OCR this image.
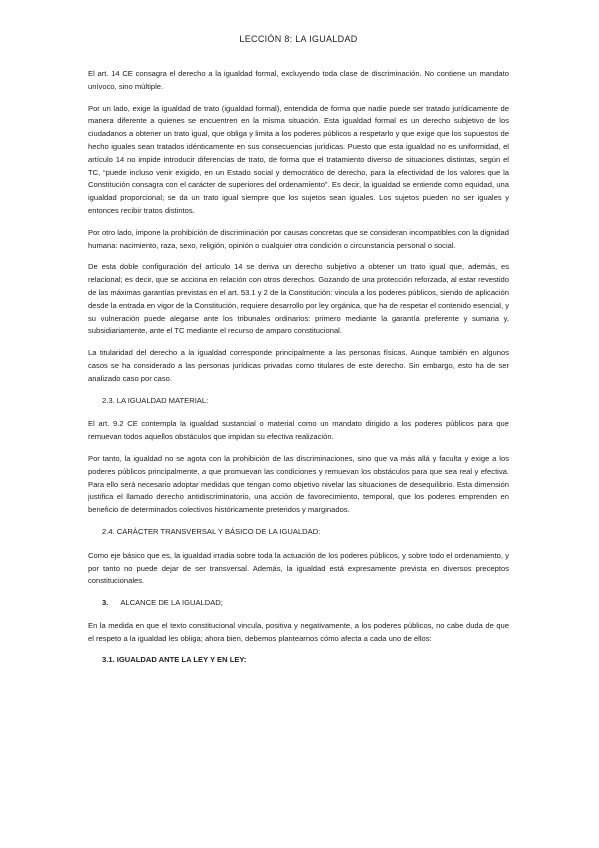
LECCIÓN 8: LA IGUALDAD

El art. 14 CE consagra el derecho a la igualdad formal, excluyendo toda clase de discriminación. No contiene un mandato unívoco, sino múltiple.

Por un lado, exige la igualdad de trato (igualdad formal), entendida de forma que nadie puede ser tratado jurídicamente de manera diferente a quienes se encuentren en la misma situación. Esta igualdad formal es un derecho subjetivo de los ciudadanos a obtener un trato igual, que obliga y limita a los poderes públicos a respetarlo y que exige que los supuestos de hecho iguales sean tratados idénticamente en sus consecuencias jurídicas. Puesto que esta igualdad no es uniformidad, el artículo 14 no impide introducir diferencias de trato, de forma que el tratamiento diverso de situaciones distintas, según el TC, “puede incluso venir exigido, en un Estado social y democrático de derecho, para la efectividad de los valores que la Constitución consagra con el carácter de superiores del ordenamiento”. Es decir, la igualdad se entiende como equidad, una igualdad proporcional; se da un trato igual siempre que los sujetos sean iguales. Los sujetos pueden no ser iguales y entonces recibir tratos distintos.

Por otro lado, impone la prohibición de discriminación por causas concretas que se consideran incompatibles con la dignidad humana: nacimiento, raza, sexo, religión, opinión o cualquier otra condición o circunstancia personal o social.

De esta doble configuración del artículo 14 se deriva un derecho subjetivo a obtener un trato igual que, además, es relacional; es decir, que se acciona en relación con otros derechos. Gozando de una protección reforzada, al estar revestido de las máximas garantías previstas en el art. 53.1 y 2 de la Constitución: vincula a los poderes públicos, siendo de aplicación desde la entrada en vigor de la Constitución, requiere desarrollo por ley orgánica, que ha de respetar el contenido esencial, y su vulneración puede alegarse ante los tribunales ordinarios: primero mediante la garantía preferente y sumaria y, subsidiariamente, ante el TC mediante el recurso de amparo constitucional.

La titularidad del derecho a la igualdad corresponde principalmente a las personas físicas. Aunque también en algunos casos se ha considerado a las personas jurídicas privadas como titulares de este derecho. Sin embargo, esto ha de ser analizado caso por caso.

2.3. LA IGUALDAD MATERIAL:

El art. 9.2 CE contempla la igualdad sustancial o material como un mandato dirigido a los poderes públicos para que remuevan todos aquellos obstáculos que impidan su efectiva realización.

Por tanto, la igualdad no se agota con la prohibición de las discriminaciones, sino que va más allá y faculta y exige a los poderes públicos principalmente, a que promuevan las condiciones y remuevan los obstáculos para que sea real y efectiva. Para ello será necesario adoptar medidas que tengan como objetivo nivelar las situaciones de desequilibrio. Esta dimensión justifica el llamado derecho antidiscriminatorio, una acción de favorecimiento, temporal, que los poderes emprenden en beneficio de determinados colectivos históricamente preteridos y marginados.

2.4. CARÁCTER TRANSVERSAL Y BÁSICO DE LA IGUALDAD:

Como eje básico que es, la igualdad irradia sobre toda la actuación de los poderes públicos, y sobre todo el ordenamiento, y por tanto no puede dejar de ser transversal. Además, la igualdad está expresamente prevista en diversos preceptos constitucionales.

3. ALCANCE DE LA IGUALDAD;

En la medida en que el texto constitucional vincula, positiva y negativamente, a los poderes públicos, no cabe duda de que el respeto a la igualdad les obliga; ahora bien, debemos plantearnos cómo afecta a cada uno de ellos:

3.1. IGUALDAD ANTE LA LEY Y EN LEY:
